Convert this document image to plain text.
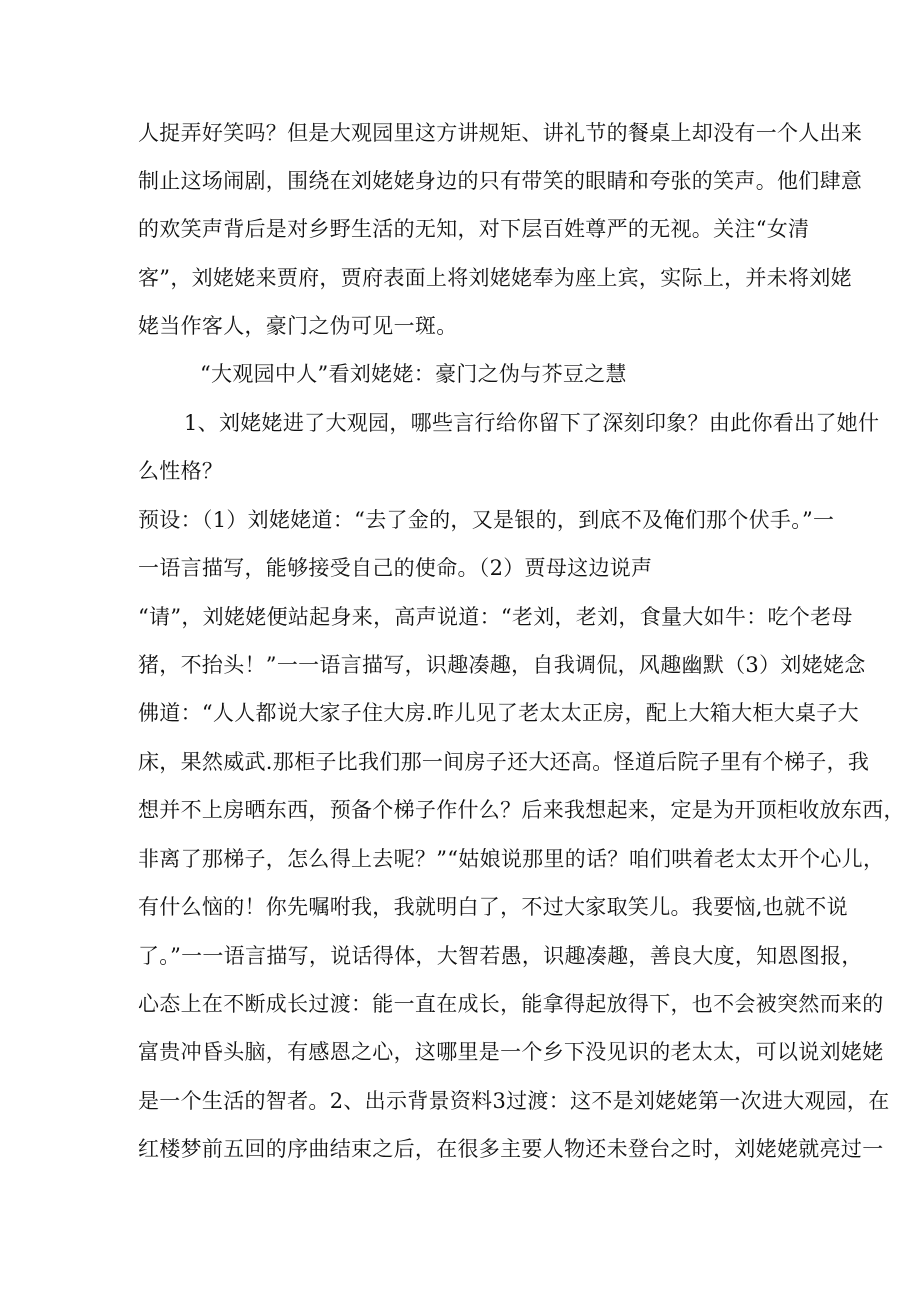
人捉弄好笑吗？但是大观园里这方讲规矩、讲礼节的餐桌上却没有一个人出来
制止这场闹剧，围绕在刘姥姥身边的只有带笑的眼睛和夸张的笑声。他们肆意
的欢笑声背后是对乡野生活的无知，对下层百姓尊严的无视。关注“女清
客”，刘姥姥来贾府，贾府表面上将刘姥姥奉为座上宾，实际上，并未将刘姥
姥当作客人，豪门之伪可见一斑。
“大观园中人”看刘姥姥：豪门之伪与芥豆之慧
1、刘姥姥进了大观园，哪些言行给你留下了深刻印象？由此你看出了她什
么性格？
预设：（1）刘姥姥道：“去了金的，又是银的，到底不及俺们那个伏手。”一
一语言描写，能够接受自己的使命。（2）贾母这边说声
“请”，刘姥姥便站起身来，高声说道：“老刘，老刘，食量大如牛：吃个老母
猪，不抬头！”一一语言描写，识趣凑趣，自我调侃，风趣幽默（3）刘姥姥念
佛道：“人人都说大家子住大房.昨儿见了老太太正房，配上大箱大柜大桌子大
床，果然威武.那柜子比我们那一间房子还大还高。怪道后院子里有个梯子，我
想并不上房晒东西，预备个梯子作什么？后来我想起来，定是为开顶柜收放东西，
非离了那梯子，怎么得上去呢？”“姑娘说那里的话？咱们哄着老太太开个心儿，
有什么恼的！你先嘱咐我，我就明白了，不过大家取笑儿。我要恼,也就不说
了。”一一语言描写，说话得体，大智若愚，识趣凑趣，善良大度，知恩图报，
心态上在不断成长过渡：能一直在成长，能拿得起放得下，也不会被突然而来的
富贵冲昏头脑，有感恩之心，这哪里是一个乡下没见识的老太太，可以说刘姥姥
是一个生活的智者。2、出示背景资料3过渡：这不是刘姥姥第一次进大观园，在
红楼梦前五回的序曲结束之后，在很多主要人物还未登台之时，刘姥姥就亮过一
